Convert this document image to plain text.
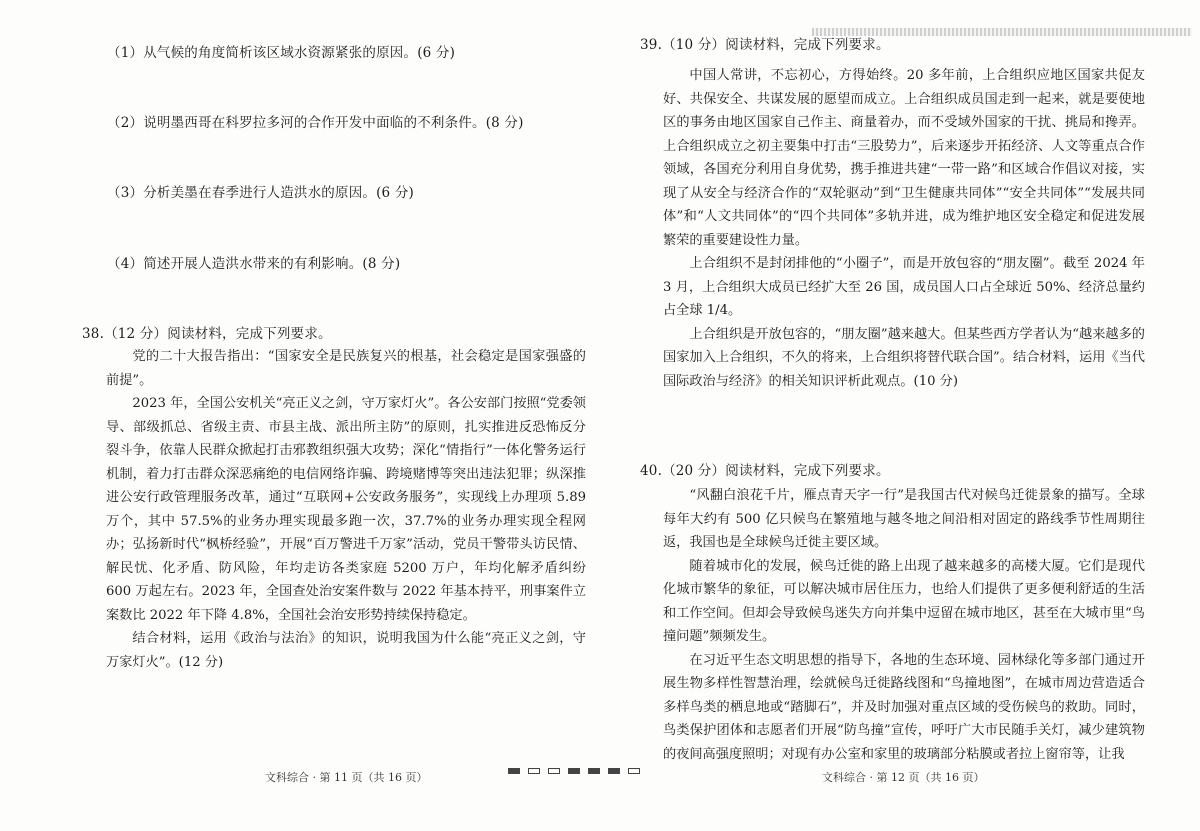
（1）从气候的角度简析该区域水资源紧张的原因。(6 分)
（2）说明墨西哥在科罗拉多河的合作开发中面临的不利条件。(8 分)
（3）分析美墨在春季进行人造洪水的原因。(6 分)
（4）简述开展人造洪水带来的有利影响。(8 分)
38.（12 分）阅读材料，完成下列要求。

党的二十大报告指出：“国家安全是民族复兴的根基，社会稳定是国家强盛的前提”。

2023 年，全国公安机关“亮正义之剑，守万家灯火”。各公安部门按照“党委领导、部级抓总、省级主责、市县主战、派出所主防”的原则，扎实推进反恐怖反分裂斗争，依靠人民群众掀起打击邪教组织强大攻势；深化“情指行”一体化警务运行机制，着力打击群众深恶痛绝的电信网络诈骗、跨境赌博等突出违法犯罪；纵深推进公安行政管理服务改革，通过“互联网+公安政务服务”，实现线上办理项 5.89 万个，其中 57.5%的业务办理实现最多跑一次，37.7%的业务办理实现全程网办；弘扬新时代“枫桥经验”，开展“百万警进千万家”活动，党员干警带头访民情、解民忧、化矛盾、防风险，年均走访各类家庭 5200 万户，年均化解矛盾纠纷 600 万起左右。2023 年，全国查处治安案件数与 2022 年基本持平，刑事案件立案数比 2022 年下降 4.8%，全国社会治安形势持续保持稳定。

结合材料，运用《政治与法治》的知识，说明我国为什么能“亮正义之剑，守万家灯火”。(12 分)

文科综合 · 第 11 页（共 16 页）
39.（10 分）阅读材料，完成下列要求。

中国人常讲，不忘初心，方得始终。20 多年前，上合组织应地区国家共促友好、共保安全、共谋发展的愿望而成立。上合组织成员国走到一起来，就是要使地区的事务由地区国家自己作主、商量着办，而不受域外国家的干扰、挑局和搀弄。上合组织成立之初主要集中打击“三股势力”，后来逐步开拓经济、人文等重点合作领域，各国充分利用自身优势，携手推进共建“一带一路”和区域合作倡议对接，实现了从安全与经济合作的“双轮驱动”到“卫生健康共同体”“安全共同体”“发展共同体”和“人文共同体”的“四个共同体”多轨并进，成为维护地区安全稳定和促进发展繁荣的重要建设性力量。

上合组织不是封闭排他的“小圈子”，而是开放包容的“朋友圈”。截至 2024 年 3 月，上合组织大成员已经扩大至 26 国，成员国人口占全球近 50%、经济总量约占全球 1/4。

上合组织是开放包容的，“朋友圈”越来越大。但某些西方学者认为“越来越多的国家加入上合组织，不久的将来，上合组织将替代联合国”。结合材料，运用《当代国际政治与经济》的相关知识评析此观点。(10 分)

40.（20 分）阅读材料，完成下列要求。

“风翻白浪花千片，雁点青天字一行”是我国古代对候鸟迁徙景象的描写。全球每年大约有 500 亿只候鸟在繁殖地与越冬地之间沿相对固定的路线季节性周期往返，我国也是全球候鸟迁徙主要区域。

随着城市化的发展，候鸟迁徙的路上出现了越来越多的高楼大厦。它们是现代化城市繁华的象征，可以解决城市居住压力，也给人们提供了更多便利舒适的生活和工作空间。但却会导致候鸟迷失方向并集中逗留在城市地区，甚至在大城市里“鸟撞问题”频频发生。

在习近平生态文明思想的指导下，各地的生态环境、园林绿化等多部门通过开展生物多样性智慧治理，绘就候鸟迁徙路线图和“鸟撞地图”，在城市周边营造适合多样鸟类的栖息地或“踏脚石”，并及时加强对重点区域的受伤候鸟的救助。同时，鸟类保护团体和志愿者们开展“防鸟撞”宣传，呼吁广大市民随手关灯，减少建筑物的夜间高强度照明；对现有办公室和家里的玻璃部分粘膜或者拉上窗帘等，让我

文科综合 · 第 12 页（共 16 页）
